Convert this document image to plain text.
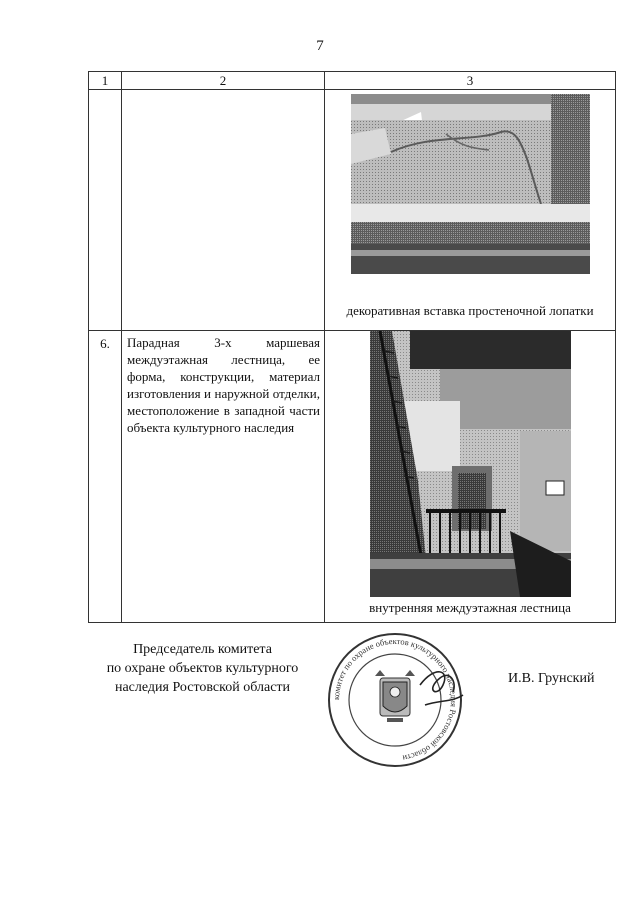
7
1	2	3

		декоративная вставка простеночной лопатки

6.	Парадная 3-х маршевая междуэтажная лестница, ее форма, конструкции, материал изготовления и наружной отделки, местоположение в западной части объекта культурного наследия	внутренняя междуэтажная лестница
Председатель комитета
по охране объектов культурного
наследия Ростовской области
комитет по охране объектов культурного наследия Ростовской области
И.В. Грунский
